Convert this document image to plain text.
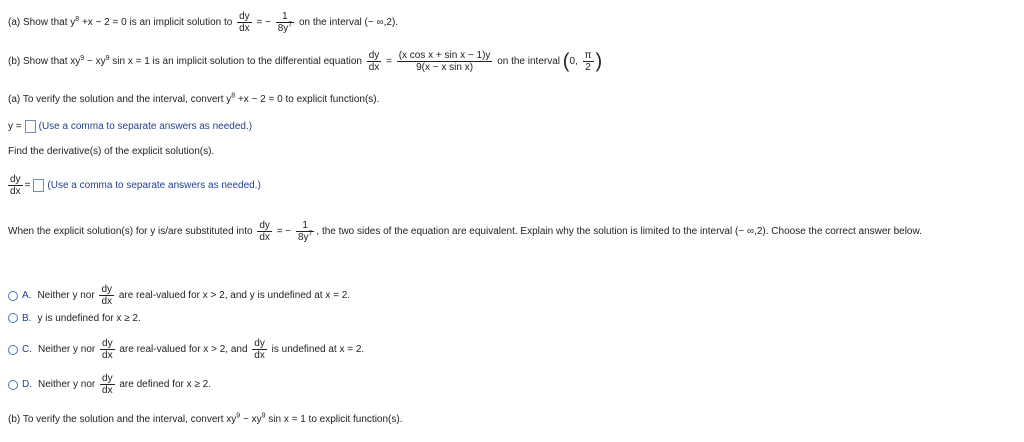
(a) Show that $y^8 +x - 2 = 0$ is an implicit solution to $\frac{dy}{dx}$ = − $\frac{1}{8y^7}$ on the interval (− ∞,2).
(b) Show that $xy^9 - xy^9$ sin x = 1 is an implicit solution to the differential equation $\frac{dy}{dx} = \frac{\text{(x cos x + sin x − 1)y}}{\text{9(x − x sin x)}}$ on the interval (0, $\frac{\pi}{2}$ )
(a) To verify the solution and the interval, convert $y^8 +x - 2 = 0$ to explicit function(s).
y = (Use a comma to separate answers as needed.)
Find the derivative(s) of the explicit solution(s).
$\frac{dy}{dx} = (Use$ a comma to separate answers as needed.)
When the explicit solution(s) for y is/are substituted into $\frac{dy}{dx}$ = − $\frac{1}{8y^7}$ , the two sides of the equation are equivalent. Explain why the solution is limited to the interval (− ∞,2). Choose the correct answer below.
A. Neither y nor $\frac{dy}{dx}$ are real-valued for x > 2, and y is undefined at x = 2.
B. y is undefined for x ≥ 2.
C. Neither y nor $\frac{dy}{dx}$ are real-valued for x > 2, and $\frac{dy}{dx}$ is undefined at x = 2.
D. Neither y nor $\frac{dy}{dx}$ are defined for x ≥ 2.
(b) To verify the solution and the interval, convert $xy^9 - xy^9$ sin x = 1 to explicit function(s).
